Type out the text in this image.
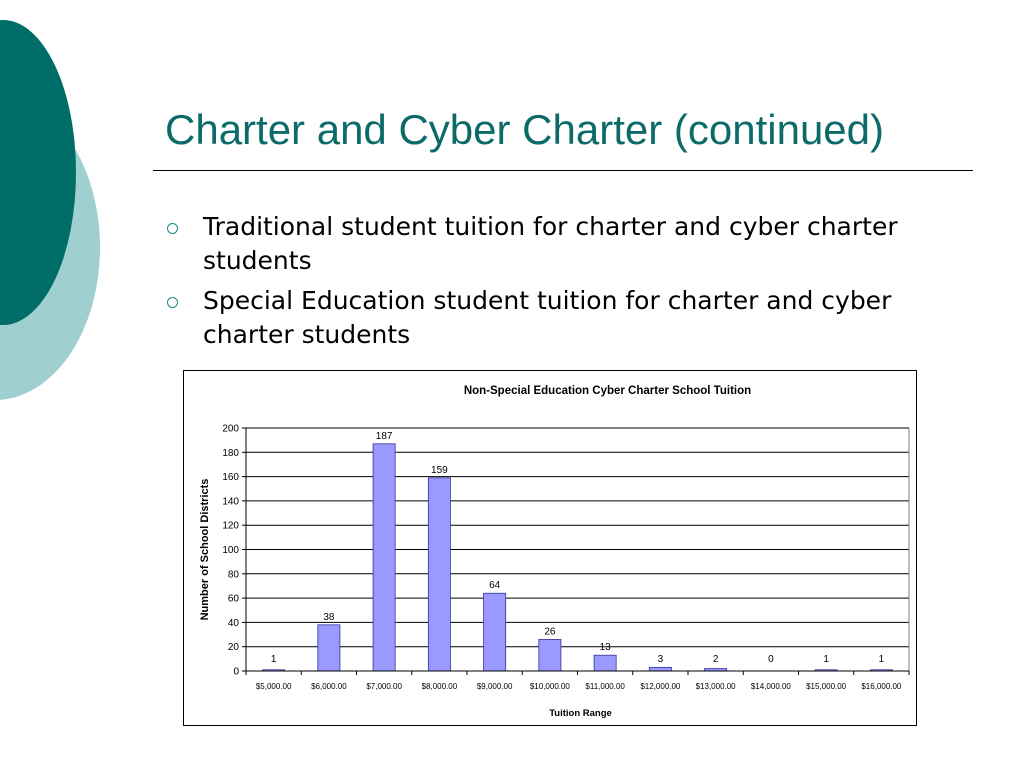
Charter and Cyber Charter (continued)
Traditional student tuition for charter and cyber charter students
Special Education student tuition for charter and cyber charter students
Non-Special Education Cyber Charter School Tuition
0
20
40
60
80
100
120
140
160
180
200
1
$5,000.00
38
$6,000.00
187
$7,000.00
159
$8,000.00
64
$9,000.00
26
$10,000.00
13
$11,000.00
3
$12,000.00
2
$13,000.00
0
$14,000.00
1
$15,000.00
1
$16,000.00
Tuition Range
Number of School Districts
